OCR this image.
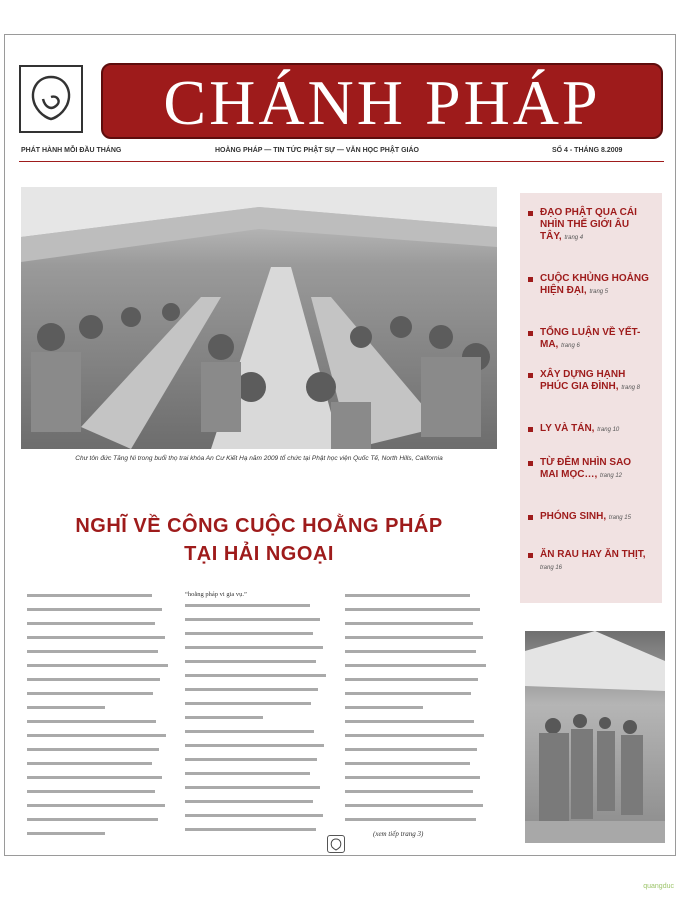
CHÁNH PHÁP
PHÁT HÀNH MỖI ĐẦU THÁNG	HOẰNG PHÁP — TIN TỨC PHẬT SỰ — VĂN HỌC PHẬT GIÁO	SỐ 4 - THÁNG 8.2009
Chư tôn đức Tăng Ni trong buổi thọ trai khóa An Cư Kiết Hạ năm 2009 tổ chức tại Phật học viện Quốc Tế, North Hills, California
ĐẠO PHẬT QUA CÁI NHÌN THẾ GIỚI ÂU TÂY, trang 4
CUỘC KHỦNG HOẢNG HIỆN ĐẠI, trang 5
TỔNG LUẬN VỀ YẾT-MA, trang 6
XÂY DỰNG HẠNH PHÚC GIA ĐÌNH, trang 8
LY VÀ TÁN, trang 10
TỪ ĐÊM NHÌN SAO MAI MỌC…, trang 12
PHÓNG SINH, trang 15
ĂN RAU HAY ĂN THỊT, trang 16
NGHĨ VỀ CÔNG CUỘC HOẰNG PHÁP
TẠI HẢI NGOẠI
“hoằng pháp vi gia vụ.”
(xem tiếp trang 3)
quangduc
